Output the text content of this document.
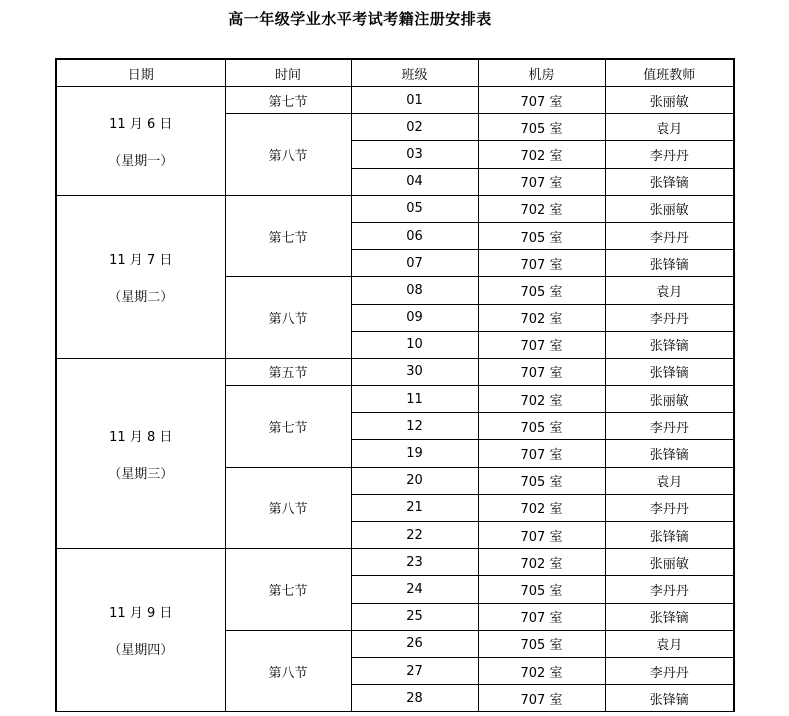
高一年级学业水平考试考籍注册安排表
日期	时间	班级	机房	值班教师

11 月 6 日
（星期一）	第七节	01	707 室	张丽敏
	第八节	02	705 室	袁月
		03	702 室	李丹丹
		04	707 室	张锋镝

11 月 7 日
（星期二）	第七节	05	702 室	张丽敏
		06	705 室	李丹丹
		07	707 室	张锋镝
	第八节	08	705 室	袁月
		09	702 室	李丹丹
		10	707 室	张锋镝

11 月 8 日
（星期三）	第五节	30	707 室	张锋镝
	第七节	11	702 室	张丽敏
		12	705 室	李丹丹
		19	707 室	张锋镝
	第八节	20	705 室	袁月
		21	702 室	李丹丹
		22	707 室	张锋镝

11 月 9 日
（星期四）	第七节	23	702 室	张丽敏
		24	705 室	李丹丹
		25	707 室	张锋镝
	第八节	26	705 室	袁月
		27	702 室	李丹丹
		28	707 室	张锋镝
